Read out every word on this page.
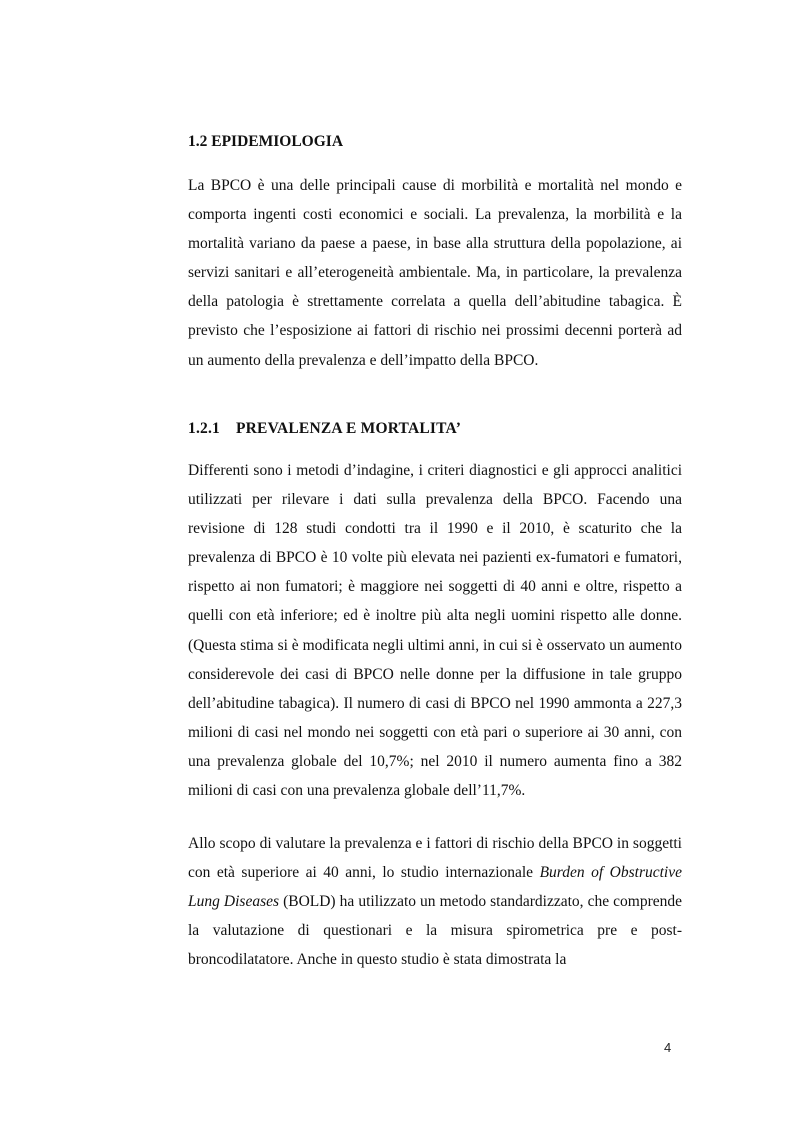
1.2 EPIDEMIOLOGIA

La BPCO è una delle principali cause di morbilità e mortalità nel mondo e comporta ingenti costi economici e sociali. La prevalenza, la morbilità e la mortalità variano da paese a paese, in base alla struttura della popolazione, ai servizi sanitari e all’eterogeneità ambientale. Ma, in particolare, la prevalenza della patologia è strettamente correlata a quella dell’abitudine tabagica. È previsto che l’esposizione ai fattori di rischio nei prossimi decenni porterà ad un aumento della prevalenza e dell’impatto della BPCO.

1.2.1 PREVALENZA E MORTALITA’

Differenti sono i metodi d’indagine, i criteri diagnostici e gli approcci analitici utilizzati per rilevare i dati sulla prevalenza della BPCO. Facendo una revisione di 128 studi condotti tra il 1990 e il 2010, è scaturito che la prevalenza di BPCO è 10 volte più elevata nei pazienti ex-fumatori e fumatori, rispetto ai non fumatori; è maggiore nei soggetti di 40 anni e oltre, rispetto a quelli con età inferiore; ed è inoltre più alta negli uomini rispetto alle donne. (Questa stima si è modificata negli ultimi anni, in cui si è osservato un aumento considerevole dei casi di BPCO nelle donne per la diffusione in tale gruppo dell’abitudine tabagica). Il numero di casi di BPCO nel 1990 ammonta a 227,3 milioni di casi nel mondo nei soggetti con età pari o superiore ai 30 anni, con una prevalenza globale del 10,7%; nel 2010 il numero aumenta fino a 382 milioni di casi con una prevalenza globale dell’11,7%.

Allo scopo di valutare la prevalenza e i fattori di rischio della BPCO in soggetti con età superiore ai 40 anni, lo studio internazionale Burden of Obstructive Lung Diseases (BOLD) ha utilizzato un metodo standardizzato, che comprende la valutazione di questionari e la misura spirometrica pre e post-broncodilatatore. Anche in questo studio è stata dimostrata la

4
